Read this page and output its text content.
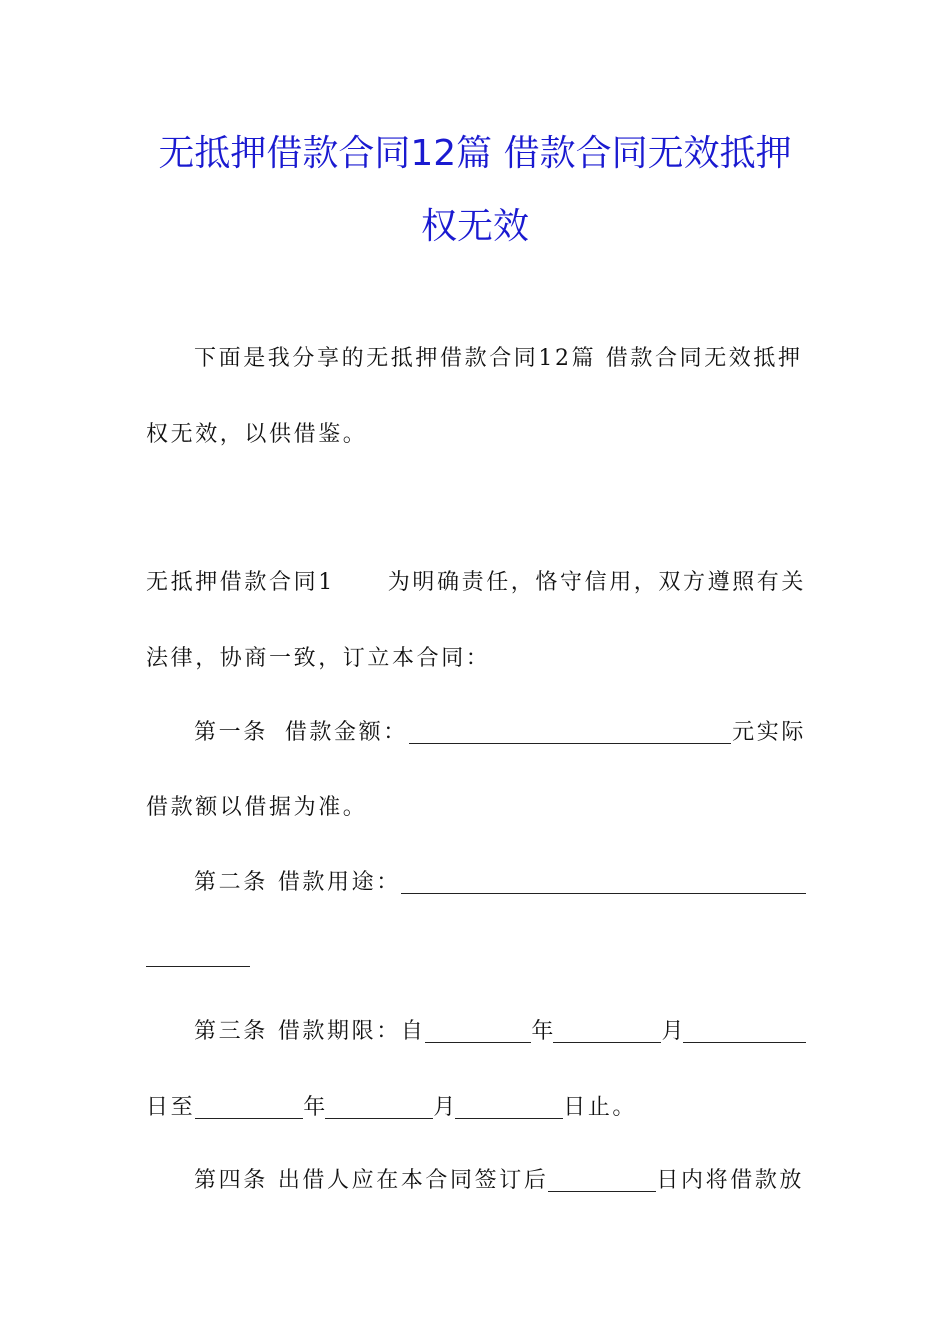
无抵押借款合同12篇 借款合同无效抵押
权无效
下面是我分享的无抵押借款合同12篇 借款合同无效抵押
权无效，以供借鉴。
无抵押借款合同1 为明确责任，恪守信用，双方遵照有关
法律，协商一致，订立本合同：
第一条 借款金额：	元实际
借款额以借据为准。
第二条 借款用途：
第三条 借款期限：自	年	月
日至	年	月	日止。
第四条 出借人应在本合同签订后	日内将借款放
